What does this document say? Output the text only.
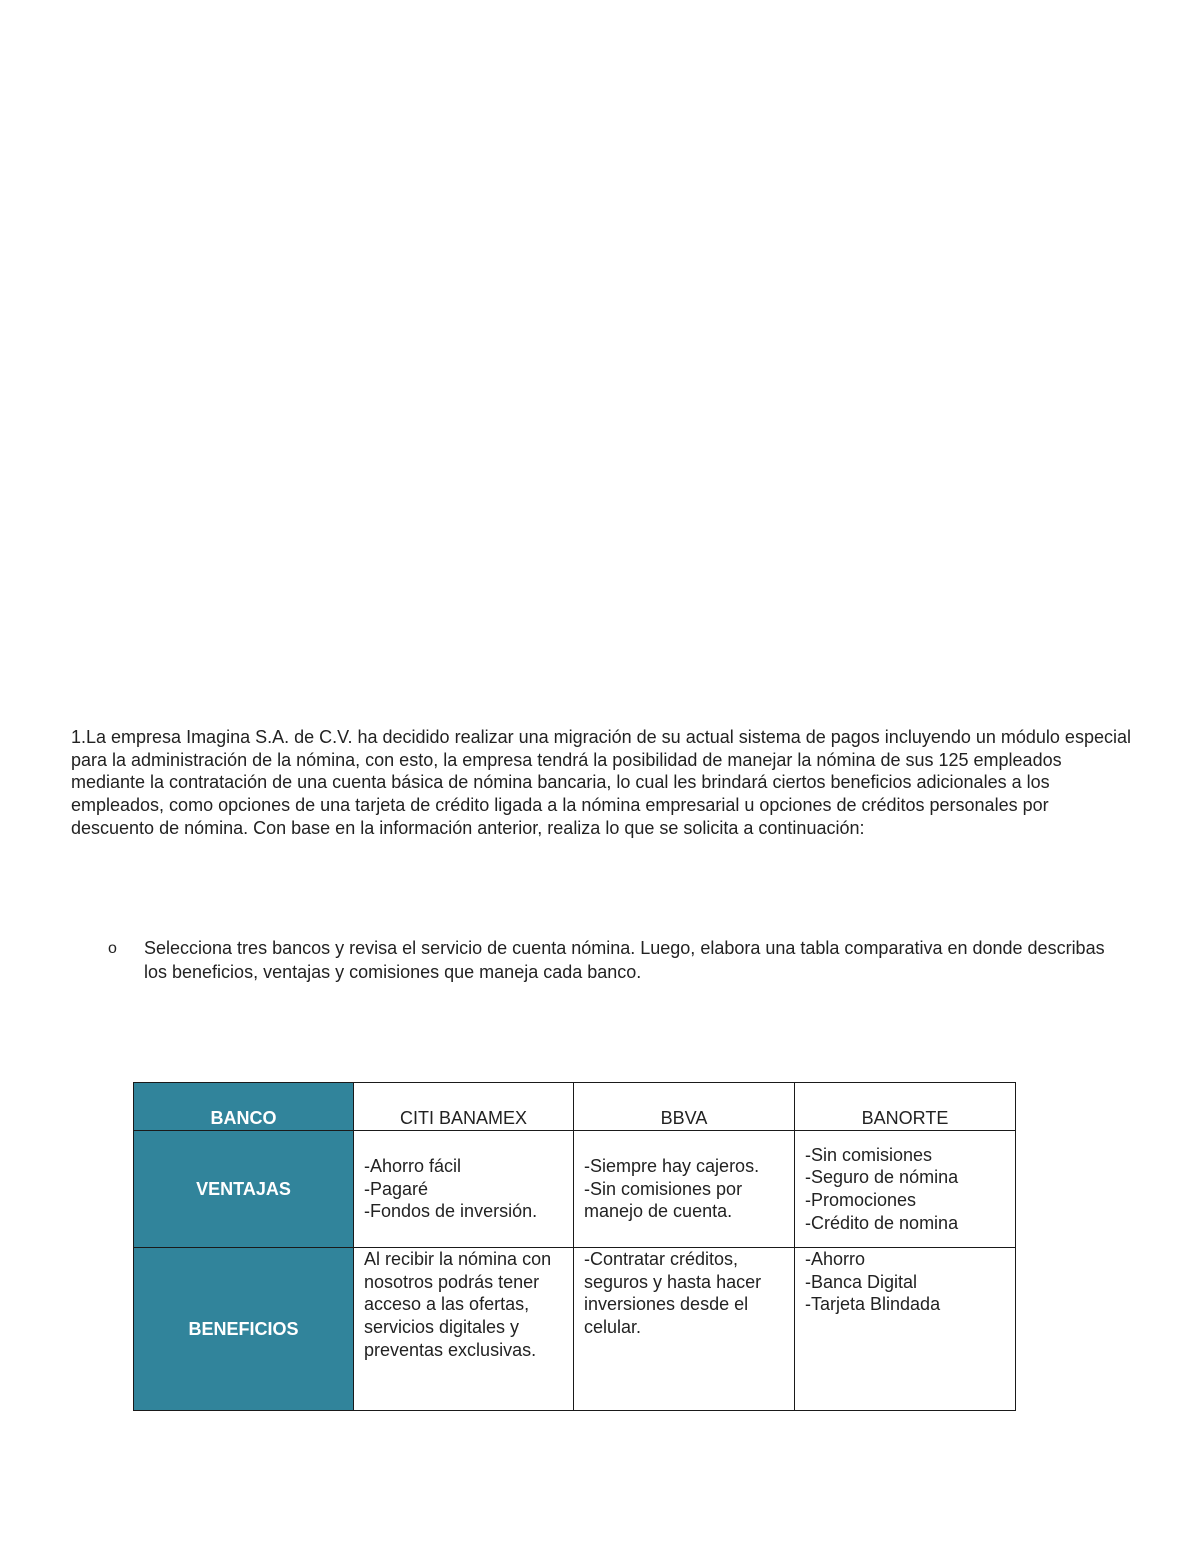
1.La empresa Imagina S.A. de C.V. ha decidido realizar una migración de su actual sistema de pagos incluyendo un módulo especial para la administración de la nómina, con esto, la empresa tendrá la posibilidad de manejar la nómina de sus 125 empleados mediante la contratación de una cuenta básica de nómina bancaria, lo cual les brindará ciertos beneficios adicionales a los empleados, como opciones de una tarjeta de crédito ligada a la nómina empresarial u opciones de créditos personales por descuento de nómina. Con base en la información anterior, realiza lo que se solicita a continuación:

o	Selecciona tres bancos y revisa el servicio de cuenta nómina. Luego, elabora una tabla comparativa en donde describas los beneficios, ventajas y comisiones que maneja cada banco.
BANCO	CITI BANAMEX	BBVA	BANORTE
VENTAJAS	-Ahorro fácil
-Pagaré
-Fondos de inversión.	-Siempre hay cajeros.
-Sin comisiones por manejo de cuenta.	-Sin comisiones
-Seguro de nómina
-Promociones
-Crédito de nomina

BENEFICIOS	Al recibir la nómina con nosotros podrás tener acceso a las ofertas, servicios digitales y preventas exclusivas.	-Contratar créditos, seguros y hasta hacer inversiones desde el celular.	-Ahorro
-Banca Digital
-Tarjeta Blindada
